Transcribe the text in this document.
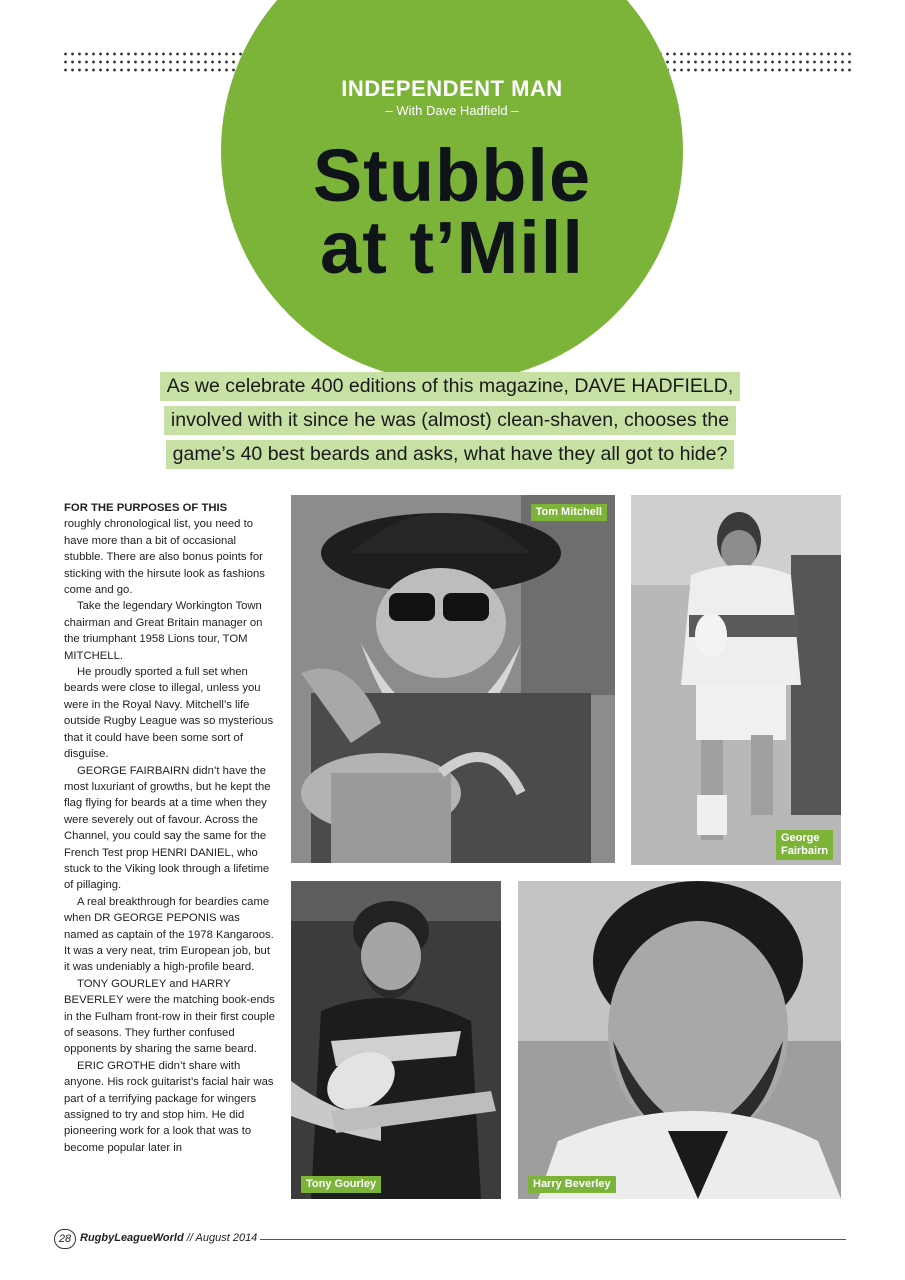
INDEPENDENT MAN
– With Dave Hadfield –
Stubble
at t’Mill
As we celebrate 400 editions of this magazine, DAVE HADFIELD,
involved with it since he was (almost) clean-shaven, chooses the
game’s 40 best beards and asks, what have they all got to hide?

FOR THE PURPOSES OF THIS
roughly chronological list, you need to have more than a bit of occasional stubble. There are also bonus points for sticking with the hirsute look as fashions come and go.

Take the legendary Workington Town chairman and Great Britain manager on the triumphant 1958 Lions tour, TOM MITCHELL.

He proudly sported a full set when beards were close to illegal, unless you were in the Royal Navy. Mitchell’s life outside Rugby League was so mysterious that it could have been some sort of disguise.

GEORGE FAIRBAIRN didn’t have the most luxuriant of growths, but he kept the flag flying for beards at a time when they were severely out of favour. Across the Channel, you could say the same for the French Test prop HENRI DANIEL, who stuck to the Viking look through a lifetime of pillaging.

A real breakthrough for beardies came when DR GEORGE PEPONIS was named as captain of the 1978 Kangaroos. It was a very neat, trim European job, but it was undeniably a high-profile beard.

TONY GOURLEY and HARRY BEVERLEY were the matching book-ends in the Fulham front-row in their first couple of seasons. They further confused opponents by sharing the same beard.

ERIC GROTHE didn’t share with anyone. His rock guitarist’s facial hair was part of a terrifying package for wingers assigned to try and stop him. He did pioneering work for a look that was to become popular later in

Tom Mitchell
George
Fairbairn
Tony Gourley	Harry Beverley
28 RugbyLeagueWorld // August 2014
